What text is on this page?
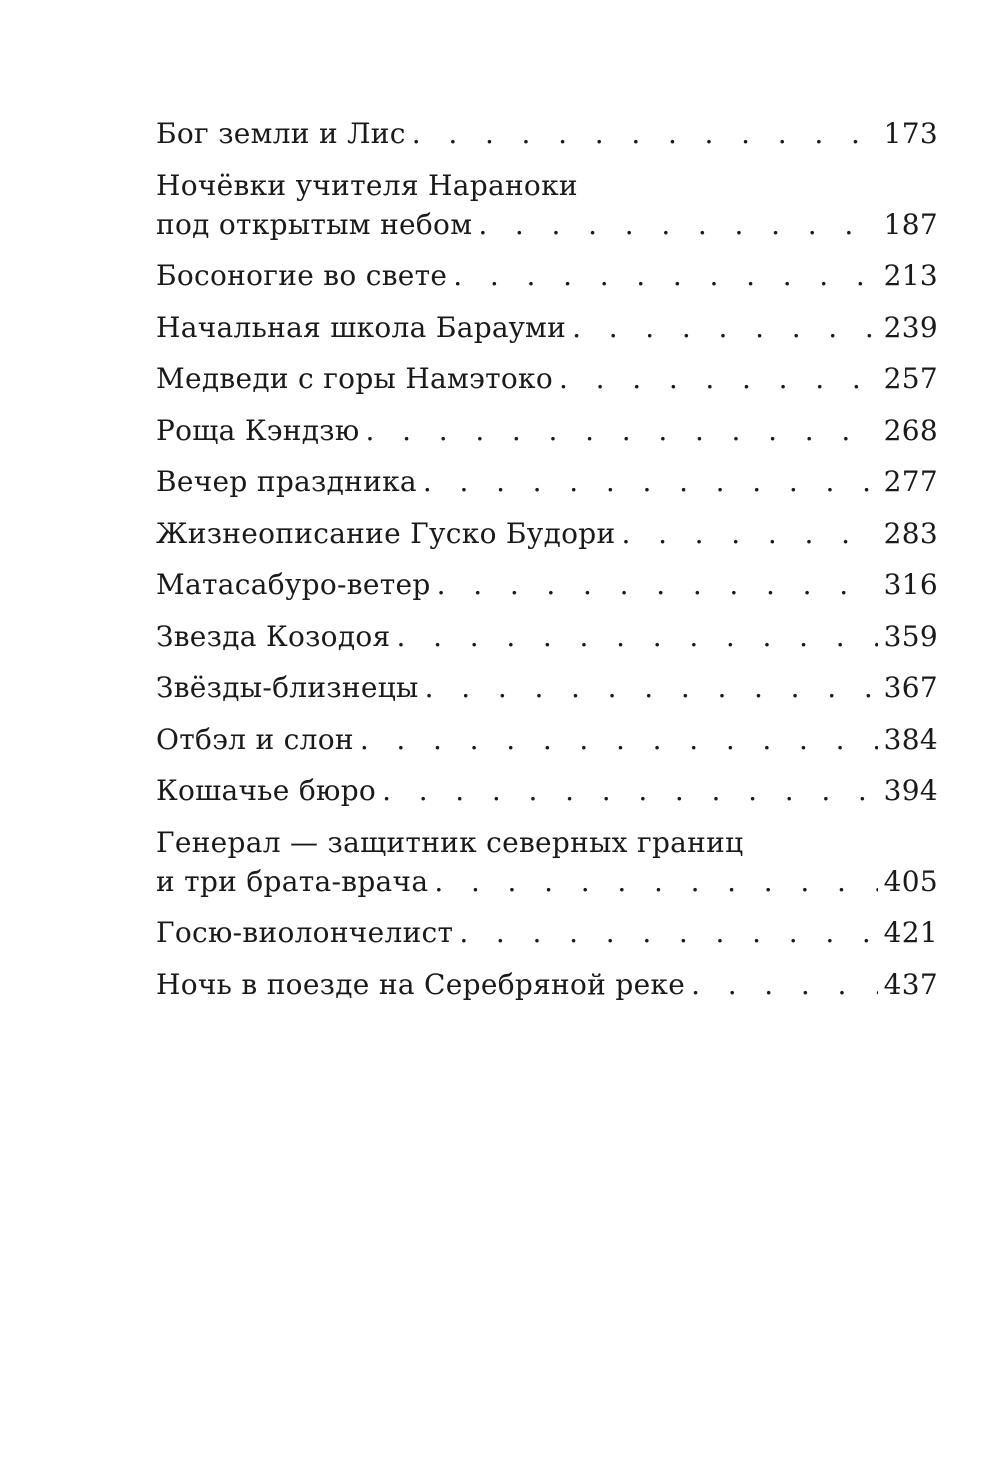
Бог земли и Лис . . .	173
Ночёвки учителя Наранoки
под открытым небом . . .	187
Босоногие во свете . . .	213
Начальная школа Бараyми . . .	239
Медведи с горы Намэтоко . . .	257
Роща Кэндзю . . .	268
Вечер праздника . . .	277
Жизнеописание Гуско Будори . . .	283
Матасабуро-ветер . . .	316
Звезда Козодоя . . .	359
Звёзды-близнецы . . .	367
Отбэл и слон . . .	384
Кошачье бюро . . .	394
Генерал — защитник северных границ
и три брата-врача . . .	405
Госю-виолончелист . . .	421
Ночь в поезде на Серебряной реке . . .	437
